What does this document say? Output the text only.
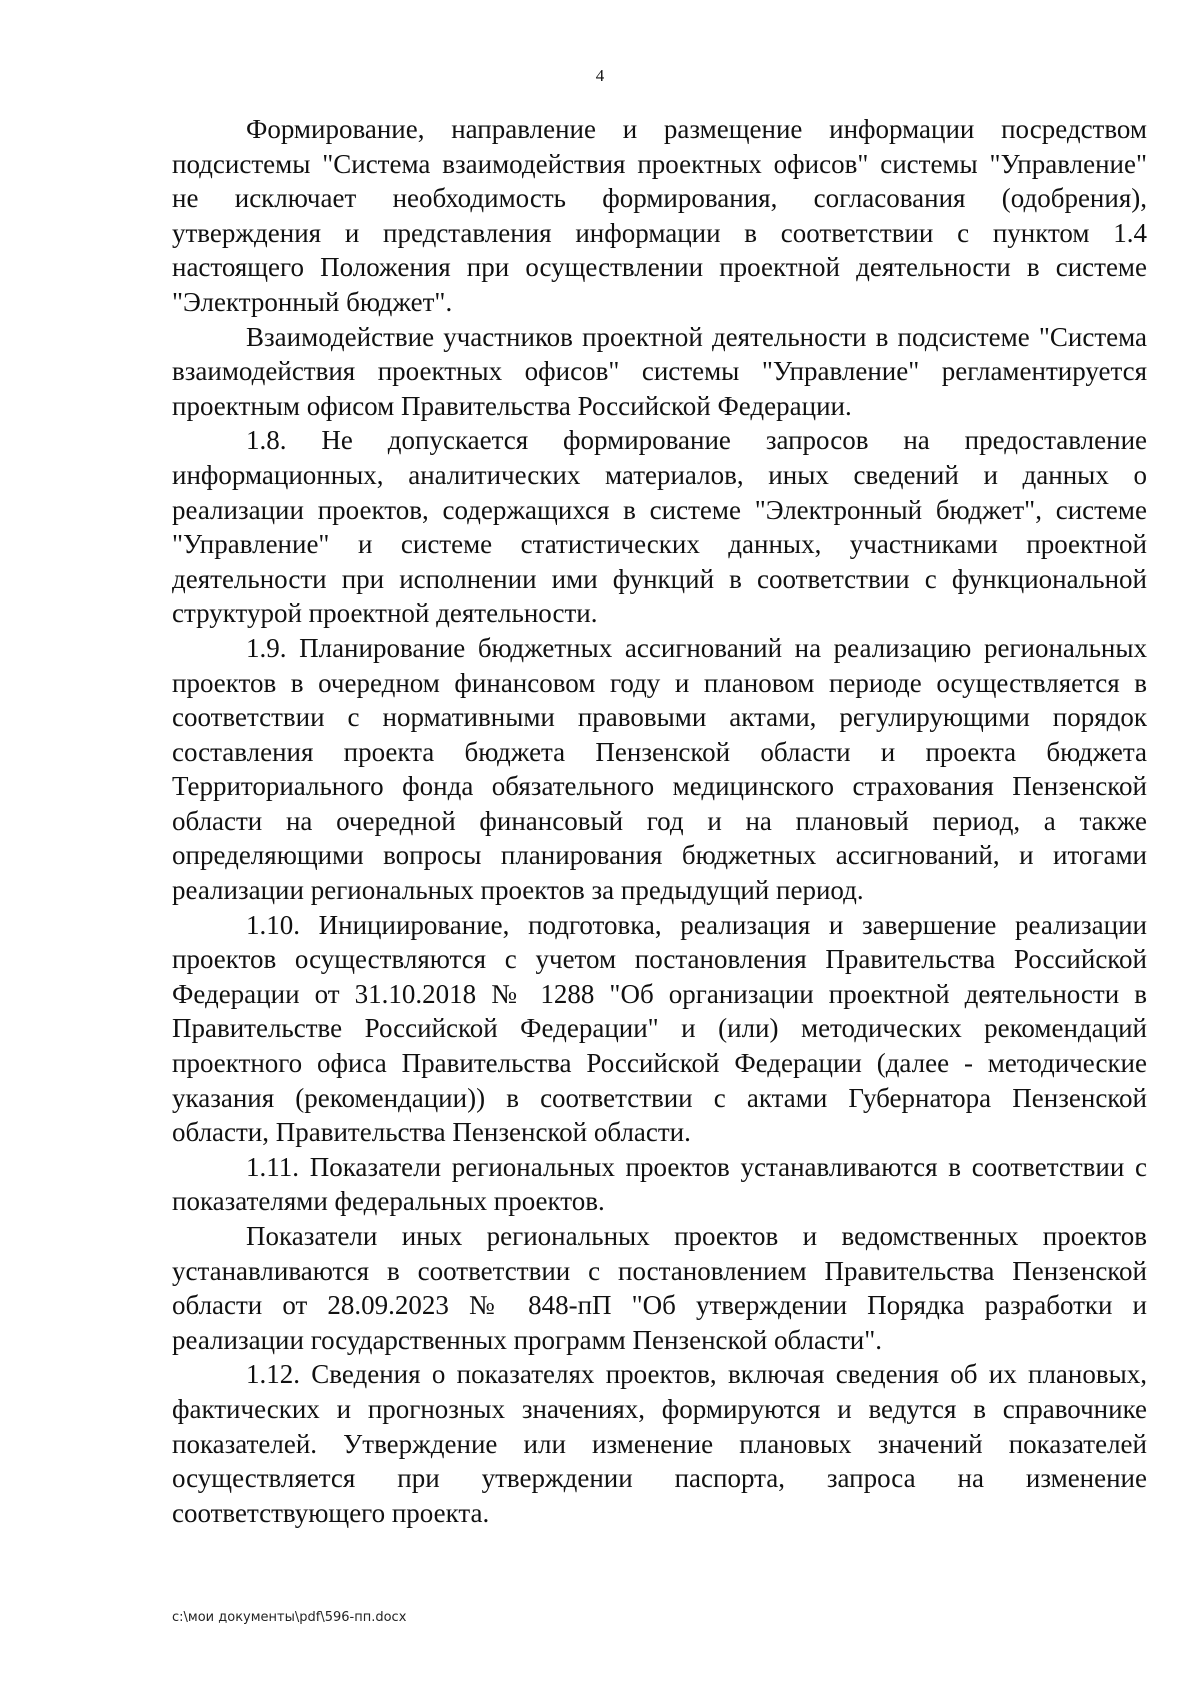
4

Формирование, направление и размещение информации посредством подсистемы "Система взаимодействия проектных офисов" системы "Управление" не исключает необходимость формирования, согласования (одобрения), утверждения и представления информации в соответствии с пунктом 1.4 настоящего Положения при осуществлении проектной деятельности в системе "Электронный бюджет".

Взаимодействие участников проектной деятельности в подсистеме "Система взаимодействия проектных офисов" системы "Управление" регламентируется проектным офисом Правительства Российской Федерации.

1.8. Не допускается формирование запросов на предоставление информационных, аналитических материалов, иных сведений и данных о реализации проектов, содержащихся в системе "Электронный бюджет", системе "Управление" и системе статистических данных, участниками проектной деятельности при исполнении ими функций в соответствии с функциональной структурой проектной деятельности.

1.9. Планирование бюджетных ассигнований на реализацию региональных проектов в очередном финансовом году и плановом периоде осуществляется в соответствии с нормативными правовыми актами, регулирующими порядок составления проекта бюджета Пензенской области и проекта бюджета Территориального фонда обязательного медицинского страхования Пензенской области на очередной финансовый год и на плановый период, а также определяющими вопросы планирования бюджетных ассигнований, и итогами реализации региональных проектов за предыдущий период.

1.10. Инициирование, подготовка, реализация и завершение реализации проектов осуществляются с учетом постановления Правительства Российской Федерации от 31.10.2018 № 1288 "Об организации проектной деятельности в Правительстве Российской Федерации" и (или) методических рекомендаций проектного офиса Правительства Российской Федерации (далее - методические указания (рекомендации)) в соответствии с актами Губернатора Пензенской области, Правительства Пензенской области.

1.11. Показатели региональных проектов устанавливаются в соответствии с показателями федеральных проектов.

Показатели иных региональных проектов и ведомственных проектов устанавливаются в соответствии с постановлением Правительства Пензенской области от 28.09.2023 № 848-пП "Об утверждении Порядка разработки и реализации государственных программ Пензенской области".

1.12. Сведения о показателях проектов, включая сведения об их плановых, фактических и прогнозных значениях, формируются и ведутся в справочнике показателей. Утверждение или изменение плановых значений показателей осуществляется при утверждении паспорта, запроса на изменение соответствующего проекта.

c:\мои документы\pdf\596-пп.docx
